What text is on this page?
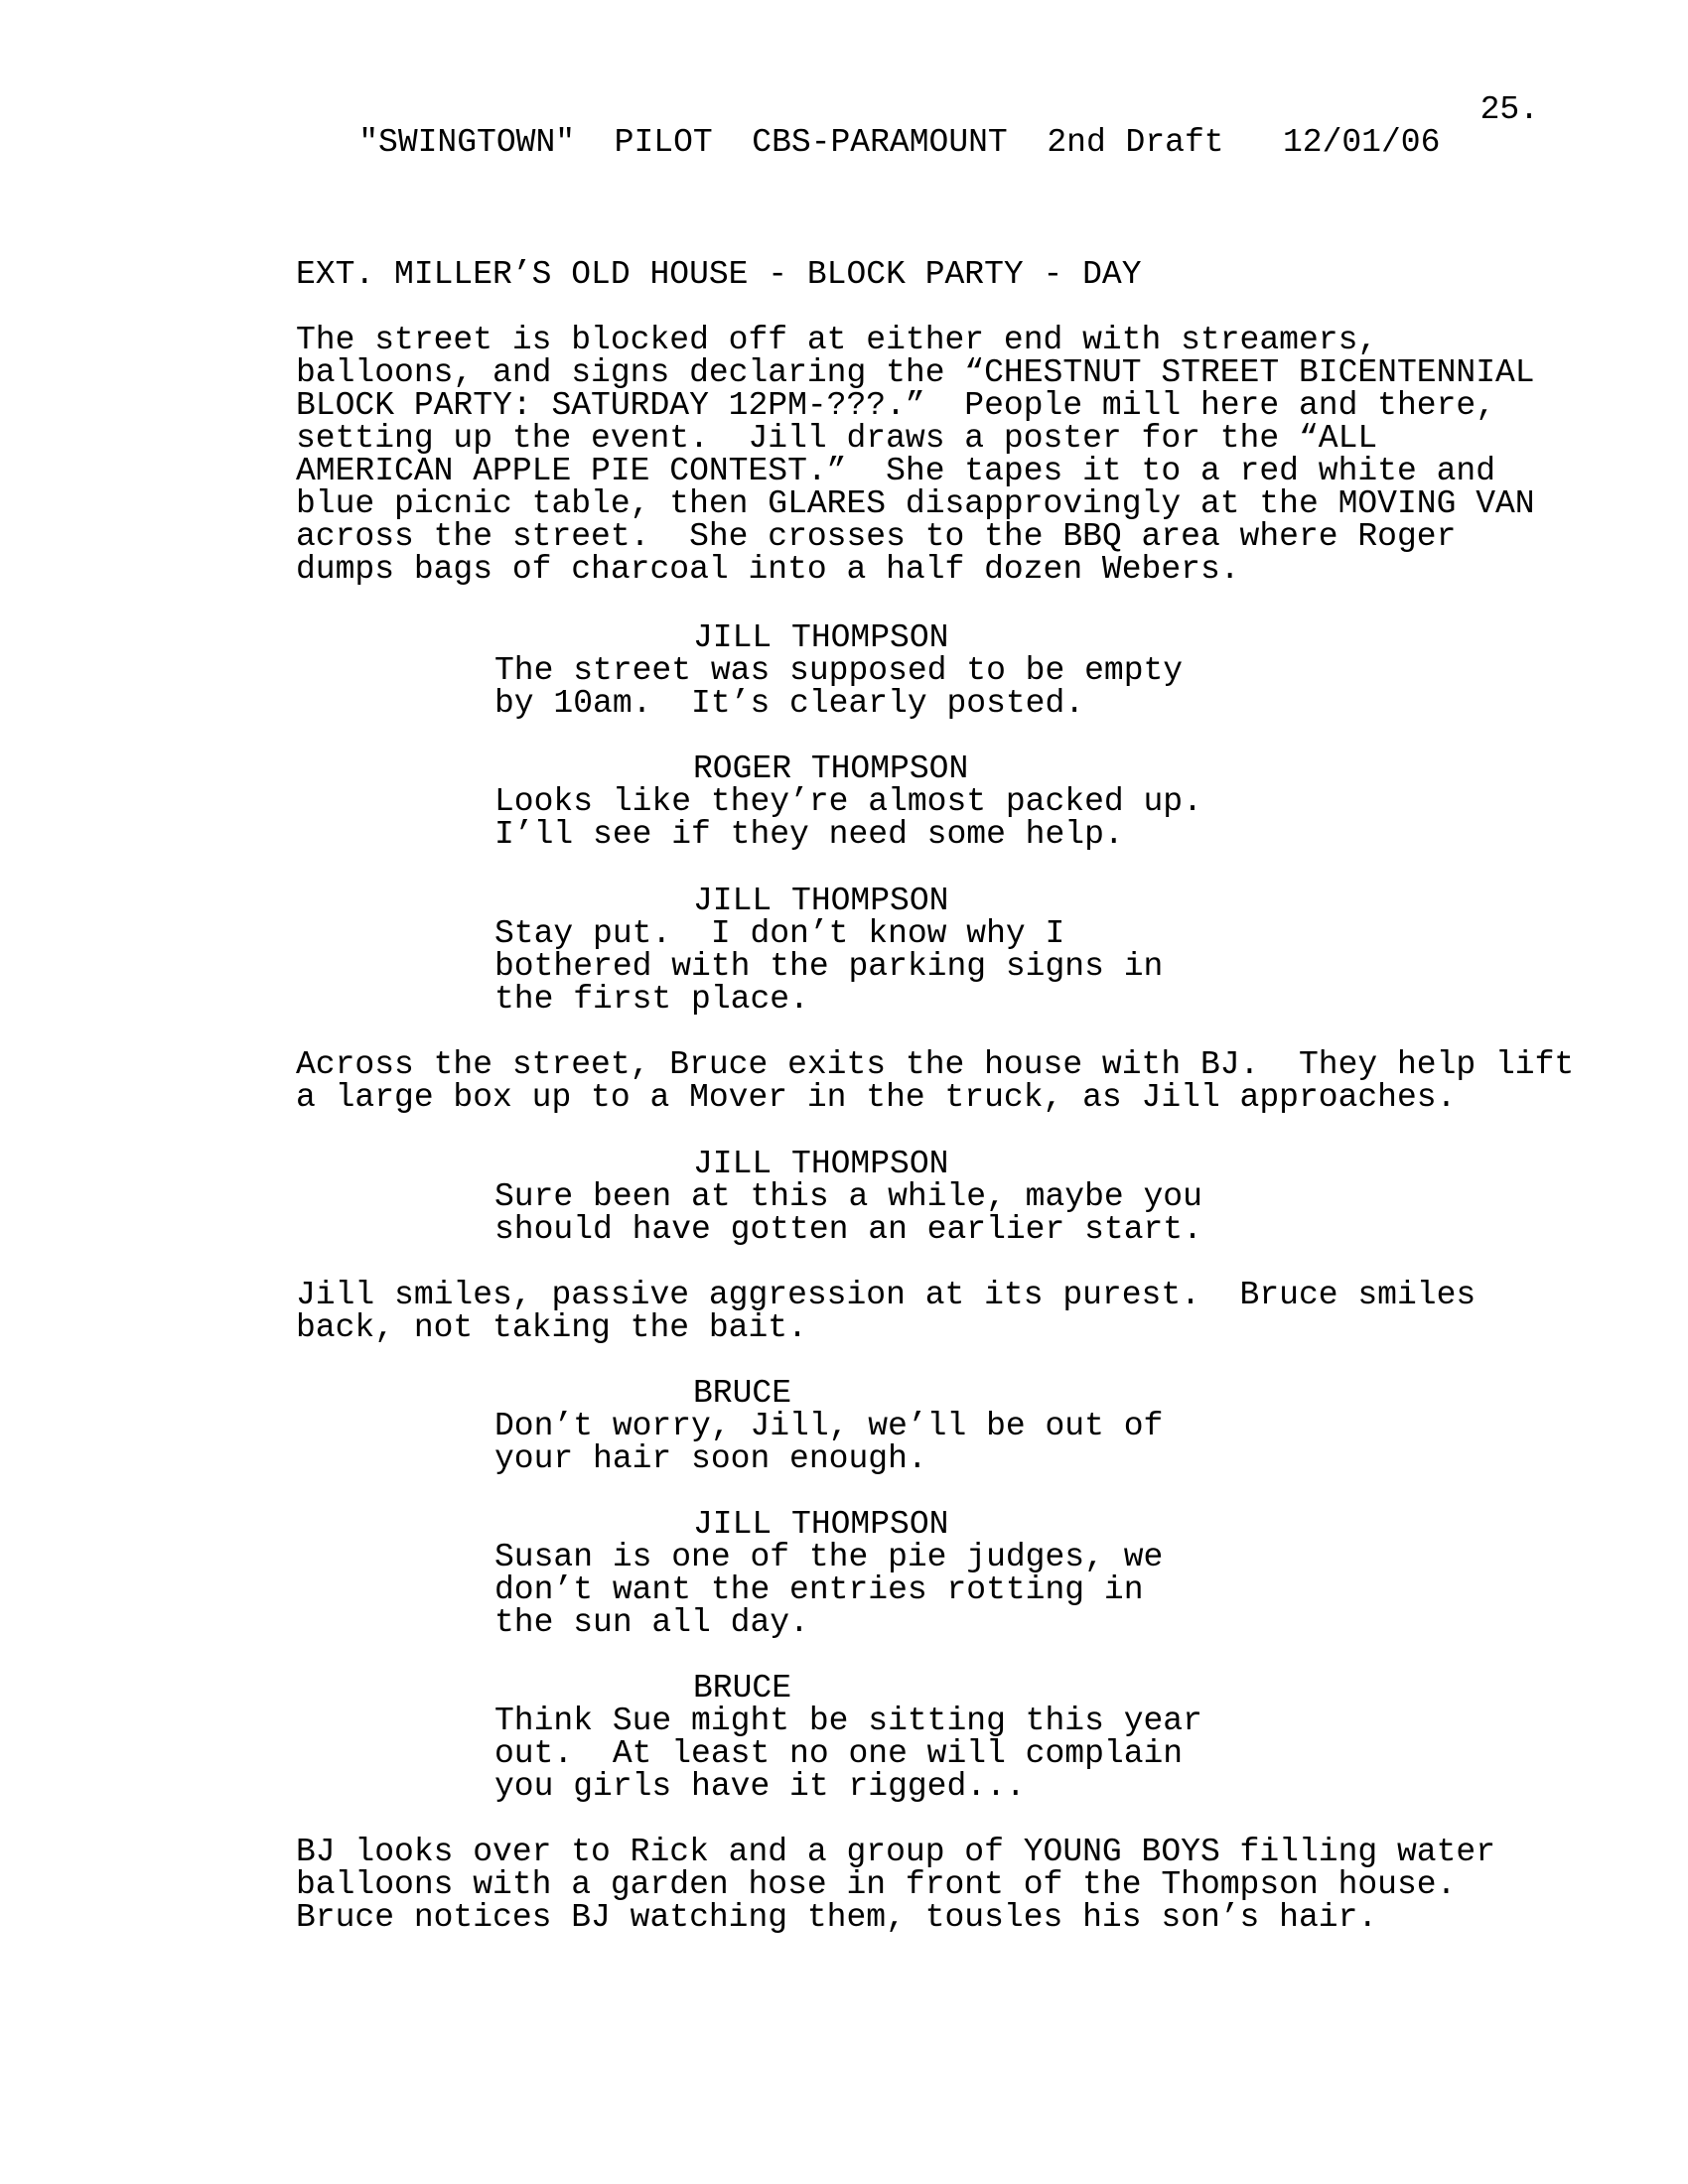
"SWINGTOWN"  PILOT  CBS-PARAMOUNT  2nd Draft   12/01/06

25.

EXT. MILLER’S OLD HOUSE - BLOCK PARTY - DAY
The street is blocked off at either end with streamers,
balloons, and signs declaring the “CHESTNUT STREET BICENTENNIAL
BLOCK PARTY: SATURDAY 12PM-???.”  People mill here and there,
setting up the event.  Jill draws a poster for the “ALL
AMERICAN APPLE PIE CONTEST.”  She tapes it to a red white and
blue picnic table, then GLARES disapprovingly at the MOVING VAN
across the street.  She crosses to the BBQ area where Roger
dumps bags of charcoal into a half dozen Webers.
JILL THOMPSON
The street was supposed to be empty
by 10am.  It’s clearly posted.
ROGER THOMPSON
Looks like they’re almost packed up.
I’ll see if they need some help.
JILL THOMPSON
Stay put.  I don’t know why I
bothered with the parking signs in
the first place.
Across the street, Bruce exits the house with BJ.  They help lift
a large box up to a Mover in the truck, as Jill approaches.
JILL THOMPSON
Sure been at this a while, maybe you
should have gotten an earlier start.
Jill smiles, passive aggression at its purest.  Bruce smiles
back, not taking the bait.
BRUCE
Don’t worry, Jill, we’ll be out of
your hair soon enough.
JILL THOMPSON
Susan is one of the pie judges, we
don’t want the entries rotting in
the sun all day.
BRUCE
Think Sue might be sitting this year
out.  At least no one will complain
you girls have it rigged...
BJ looks over to Rick and a group of YOUNG BOYS filling water
balloons with a garden hose in front of the Thompson house.
Bruce notices BJ watching them, tousles his son’s hair.
